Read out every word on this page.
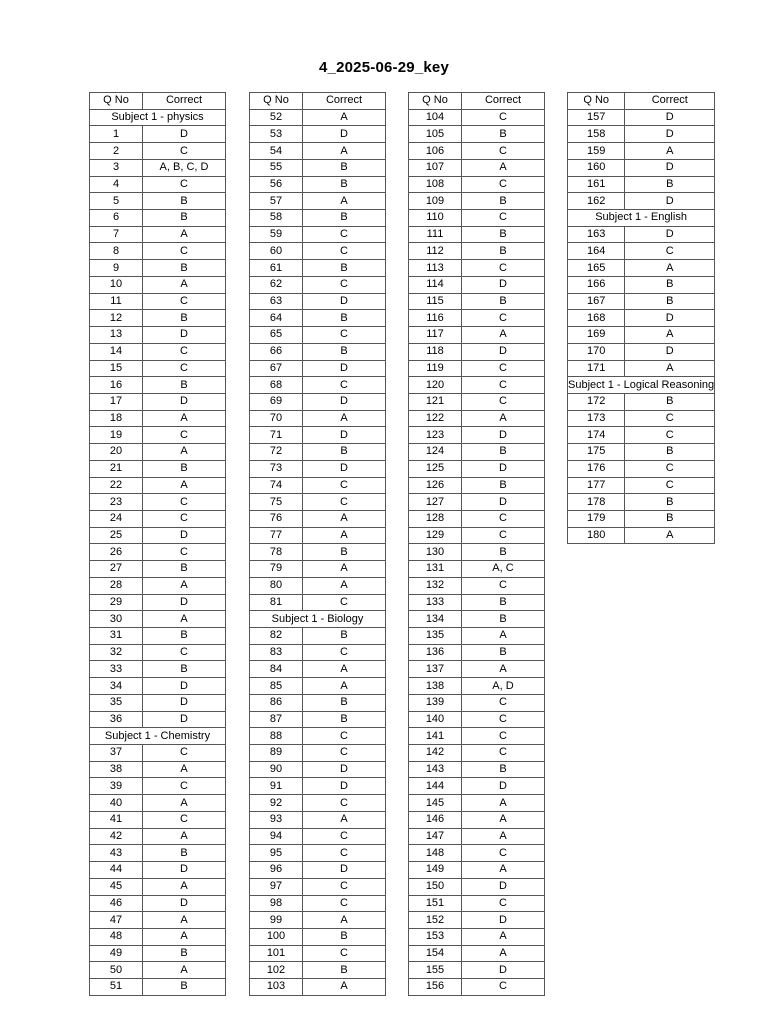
4_2025-06-29_key
Q No	Correct
Subject 1 - physics	
1	D
2	C
3	A, B, C, D
4	C
5	B
6	B
7	A
8	C
9	B
10	A
11	C
12	B
13	D
14	C
15	C
16	B
17	D
18	A
19	C
20	A
21	B
22	A
23	C
24	C
25	D
26	C
27	B
28	A
29	D
30	A
31	B
32	C
33	B
34	D
35	D
36	D
Subject 1 - Chemistry	
37	C
38	A
39	C
40	A
41	C
42	A
43	B
44	D
45	A
46	D
47	A
48	A
49	B
50	A
51	B
Q No	Correct
52	A
53	D
54	A
55	B
56	B
57	A
58	B
59	C
60	C
61	B
62	C
63	D
64	B
65	C
66	B
67	D
68	C
69	D
70	A
71	D
72	B
73	D
74	C
75	C
76	A
77	A
78	B
79	A
80	A
81	C
Subject 1 - Biology	
82	B
83	C
84	A
85	A
86	B
87	B
88	C
89	C
90	D
91	D
92	C
93	A
94	C
95	C
96	D
97	C
98	C
99	A
100	B
101	C
102	B
103	A
Q No	Correct
104	C
105	B
106	C
107	A
108	C
109	B
110	C
111	B
112	B
113	C
114	D
115	B
116	C
117	A
118	D
119	C
120	C
121	C
122	A
123	D
124	B
125	D
126	B
127	D
128	C
129	C
130	B
131	A, C
132	C
133	B
134	B
135	A
136	B
137	A
138	A, D
139	C
140	C
141	C
142	C
143	B
144	D
145	A
146	A
147	A
148	C
149	A
150	D
151	C
152	D
153	A
154	A
155	D
156	C
Q No	Correct
157	D
158	D
159	A
160	D
161	B
162	D
Subject 1 - English	
163	D
164	C
165	A
166	B
167	B
168	D
169	A
170	D
171	A
Subject 1 - Logical Reasoning	
172	B
173	C
174	C
175	B
176	C
177	C
178	B
179	B
180	A
